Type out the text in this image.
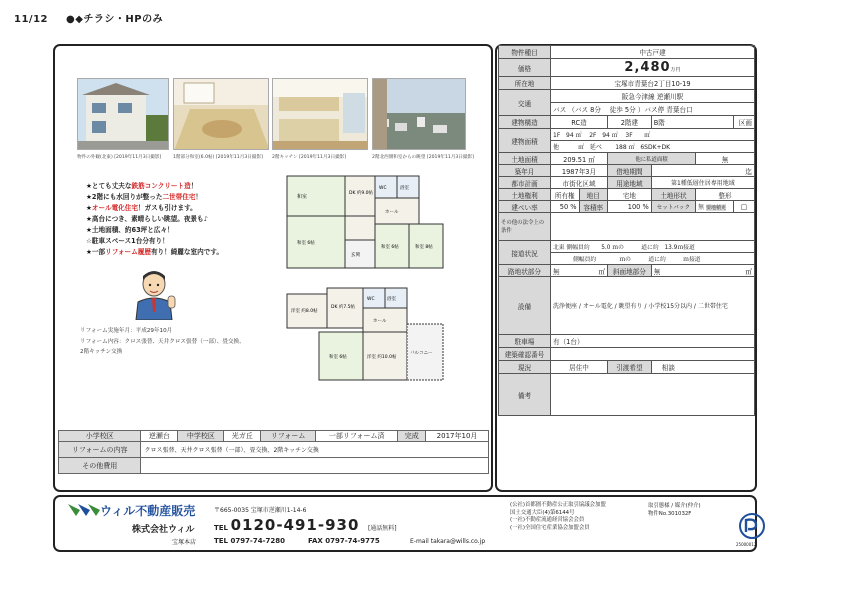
11/12 ●◆チラシ・HPのみ
物件の外観(北東) [2019年11月3日撮影]	1階部分和室(6.0帖) [2019年11月3日撮影] 2階キッチン [2019年11月3日撮影]	2階北西側和室からの眺望 [2019年11月3日撮影]
★とても丈夫な鉄筋コンクリート造！
★2階にも水回りが整った二世帯住宅！
★オール電化住宅！ガスも引けます。
★高台につき、素晴らしい眺望。夜景も♪
★土地面積、約63坪と広々！
☆駐車スペース1台分有り！
★一部リフォーム履歴有り！綺麗な室内です。
リフォーム実施年月：平成29年10月
リフォーム内容：クロス張替、天井クロス張替（一部）、畳交換、
2階キッチン交換
和室
DK 約9.0帖
和室 6帖
和室 6帖	和室 8帖
玄関
WC	浴室
ホール
洋室 約8.0帖
DK 約7.5帖
和室 6帖	洋室 約10.0帖
ホール
浴室
WC
バルコニー
小学校区	逆瀬台	中学校区	光ガ丘	リフォーム	一部リフォーム済	完成	2017年10月
リフォームの内容	クロス張替、天井クロス張替（一部）、畳交換、2階キッチン交換						
その他費用							
物件種目	中古戸建					
価格	2,480万円					
所在地	宝塚市青葉台2丁目10-19					
交通	阪急今津線 逆瀬川駅					
	バス （バス 8分　 徒歩 5分 ）バス停 青葉台口					
建物構造	RC造		2階建	B階		区画
建物面積	1F 94 ㎡ 2F 94 ㎡ 3F ㎡					
	他 ㎡ 延べ 188 ㎡ 6SDK+DK					
土地面積	209.51 ㎡		他に私道面積		無	
築年月	1987年3月		借地期間	迄		
都市計画	市街化区域		用途地域	第1種低層住居専用地域		
土地権利	所有権	地目	宅地	土地形状	整形	
建ぺい率	50 %	容積率	100 %	セットバック	無 要地積更	□
その他の法令上の条件						
接道状況	北東 側幅員約　　5.0 ｍの　　　道に約　13.9ｍ接道					
	側幅員約　　　　ｍの　　　道に約　　　ｍ接道					
路地状部分	無 ㎡		斜面地部分	無 ㎡		

設備	洗浄便座 / オール電化 / 眺望有り / 小学校15分以内 / 二世帯住宅					
駐車場	有（1台）					
建築確認番号						
現況	居住中		引渡希望	相談		
備考						
ウィル不動産販売
株式会社ウィル
宝塚本店
〒665-0035 宝塚市逆瀬川1-14-6
TEL 0120-491-930 [通話無料]
TEL 0797-74-7280	FAX 0797-74-9775	E-mail takara@wills.co.jp
(公社)首都圏不動産公正取引協議会加盟
国土交通大臣(4)第6144号
(一社)不動産流通経営協会会員
(一社)全国住宅産業協会加盟会員
取引態様 / 媒介(仲介)
物件No.301032F
25000012
